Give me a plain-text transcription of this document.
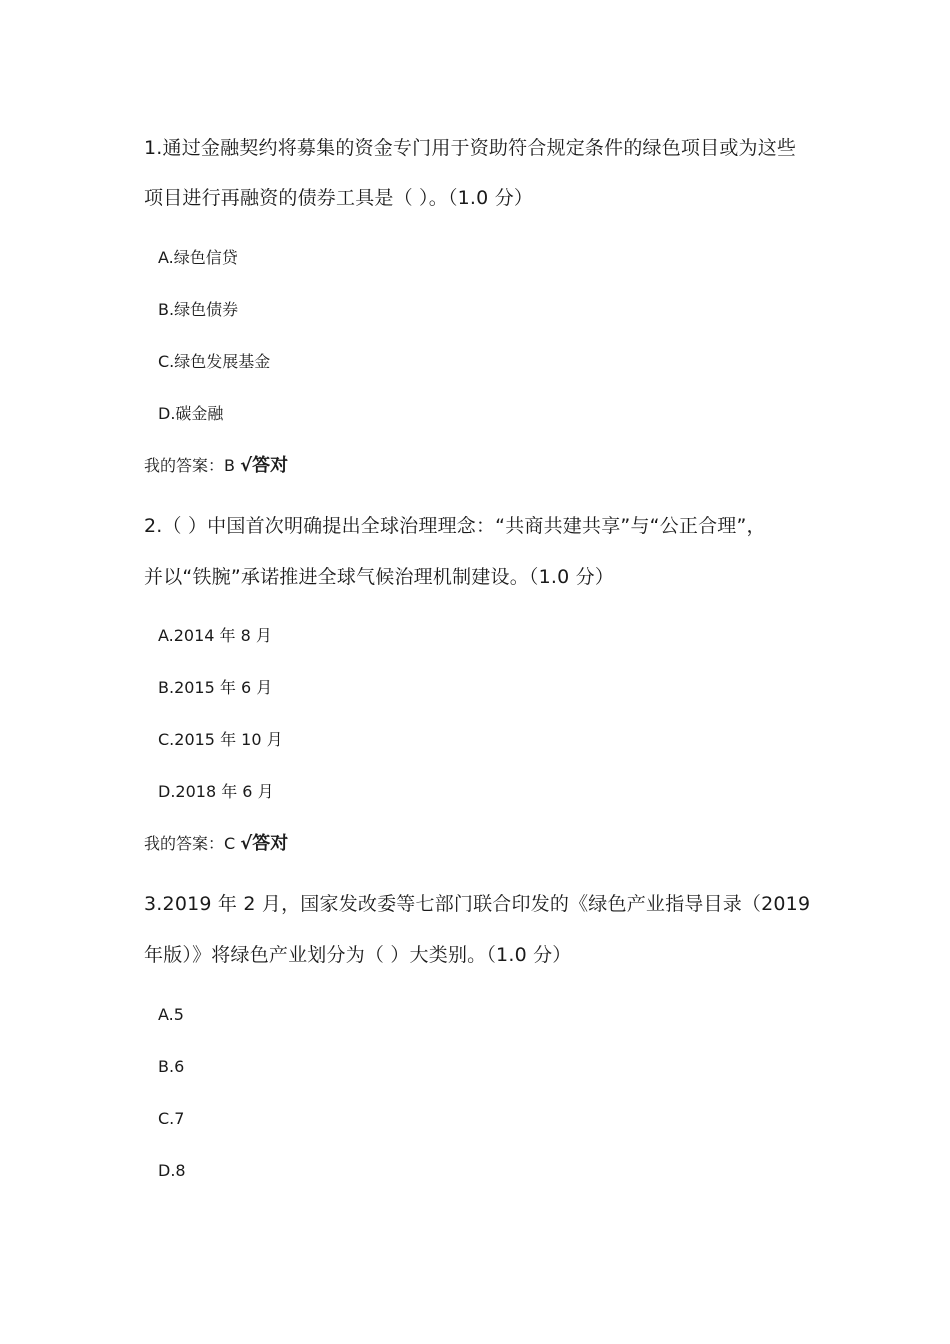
1.通过金融契约将募集的资金专门用于资助符合规定条件的绿色项目或为这些
项目进行再融资的债券工具是（ ）。（1.0 分）
A.绿色信贷
B.绿色债券
C.绿色发展基金
D.碳金融
我的答案：B √答对
2.（ ）中国首次明确提出全球治理理念：“共商共建共享”与“公正合理”，
并以“铁腕”承诺推进全球气候治理机制建设。（1.0 分）
A.2014 年 8 月
B.2015 年 6 月
C.2015 年 10 月
D.2018 年 6 月
我的答案：C √答对
3.2019 年 2 月，国家发改委等七部门联合印发的《绿色产业指导目录（2019
年版）》将绿色产业划分为（ ）大类别。（1.0 分）
A.5
B.6
C.7
D.8
